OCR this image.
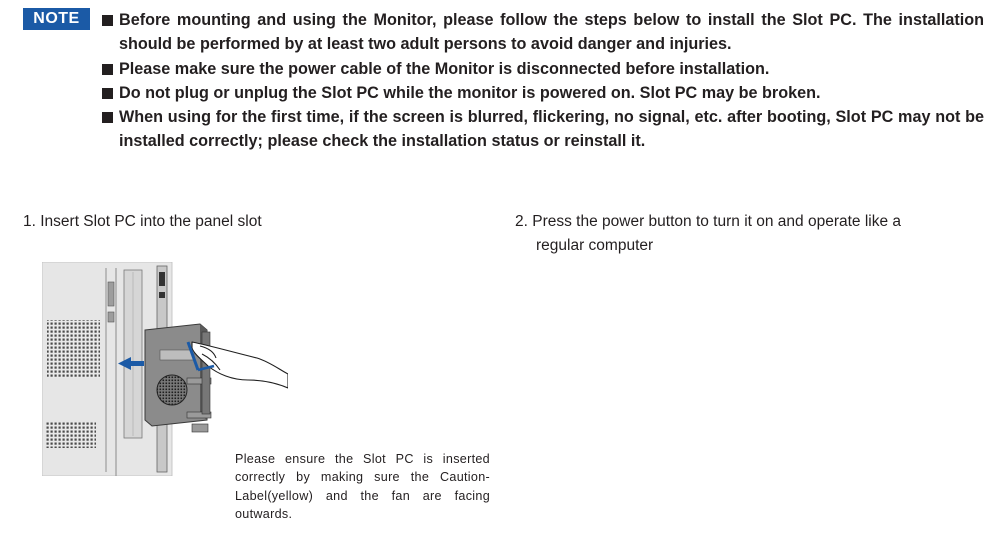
NOTE	Before mounting and using the Monitor, please follow the steps below to install the Slot PC. The installation should be performed by at least two adult persons to avoid danger and injuries.
Please make sure the power cable of the Monitor is disconnected before installation.
Do not plug or unplug the Slot PC while the monitor is powered on. Slot PC may be broken.
When using for the first time, if the screen is blurred, flickering, no signal, etc. after booting, Slot PC may not be installed correctly; please check the installation status or reinstall it.
1. Insert Slot PC into the panel slot	2. Press the power button to turn it on and operate like a
regular computer
Please ensure the Slot PC is inserted correctly by making sure the Caution-Label(yellow) and the fan are facing outwards.
